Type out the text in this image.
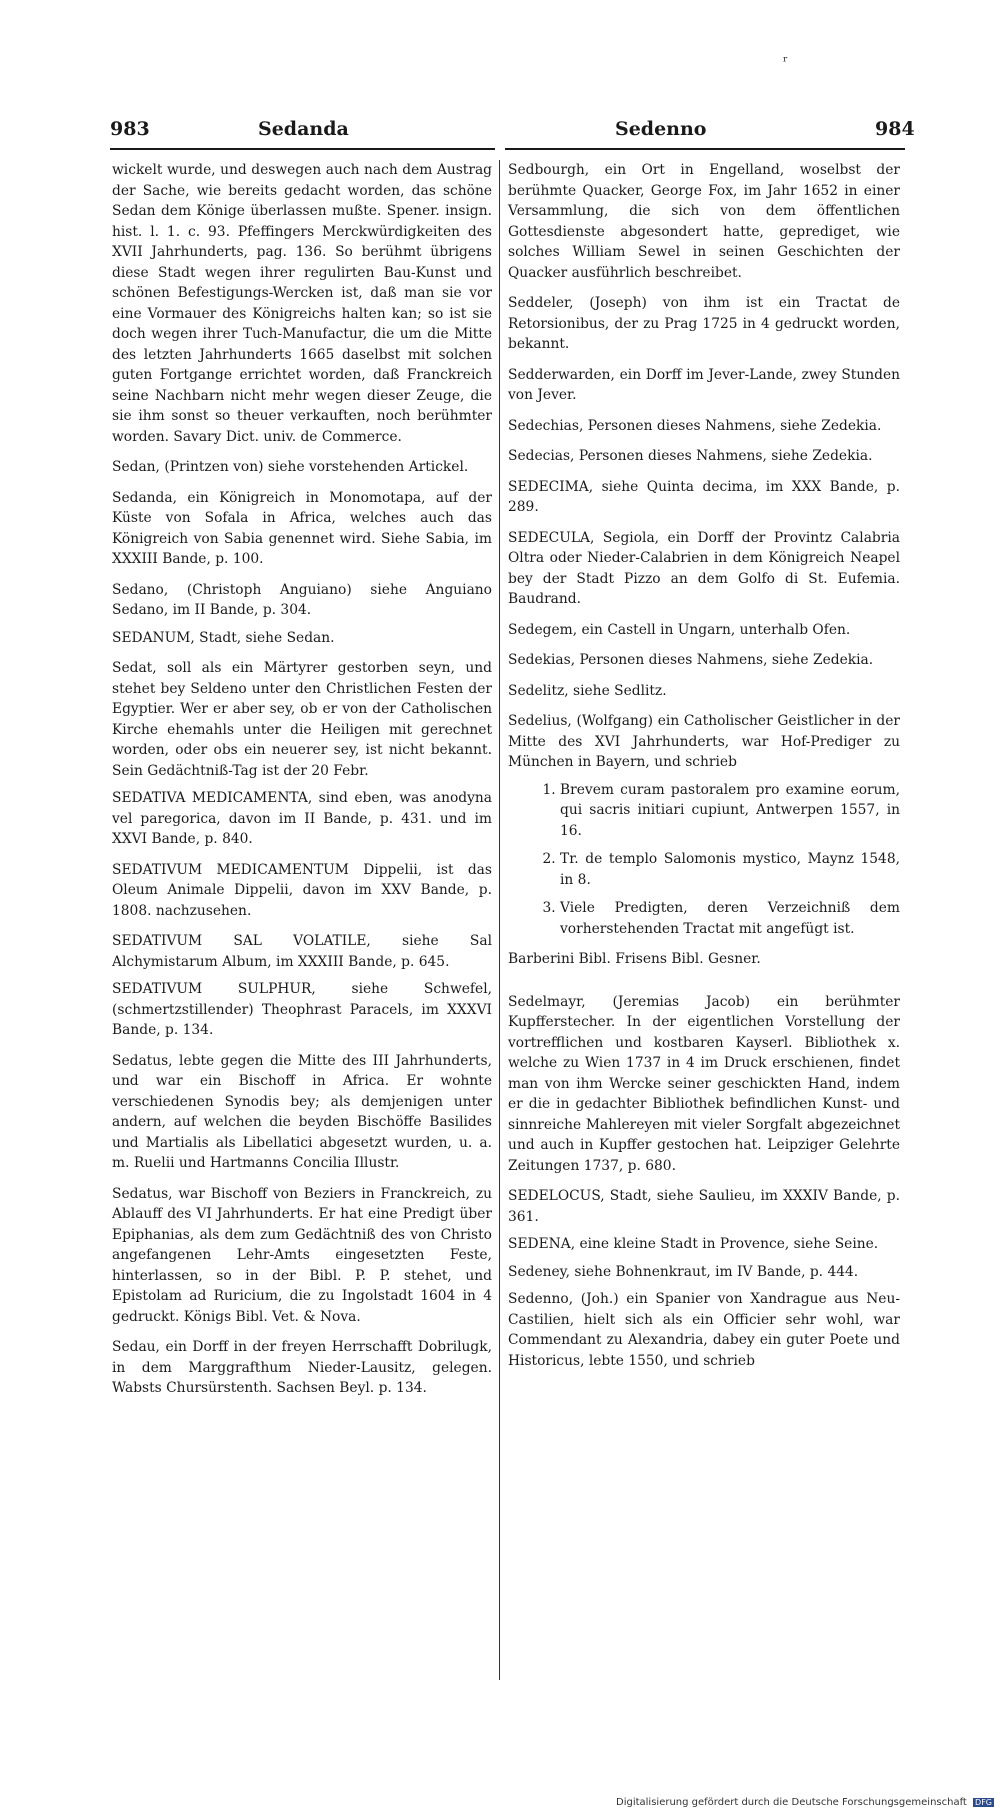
ʳ
983	Sedanda	Sedenno	984

wickelt wurde, und deswegen auch nach dem Austrag der Sache, wie bereits gedacht worden, das schöne Sedan dem Könige überlassen mußte. Spener. insign. hist. l. 1. c. 93. Pfeffingers Merckwürdigkeiten des XVII Jahrhunderts, pag. 136. So berühmt übrigens diese Stadt wegen ihrer regulirten Bau-Kunst und schönen Befestigungs-Wercken ist, daß man sie vor eine Vormauer des Königreichs halten kan; so ist sie doch wegen ihrer Tuch-Manufactur, die um die Mitte des letzten Jahrhunderts 1665 daselbst mit solchen guten Fortgange errichtet worden, daß Franckreich seine Nachbarn nicht mehr wegen dieser Zeuge, die sie ihm sonst so theuer verkauften, noch berühmter worden. Savary Dict. univ. de Commerce.

Sedan, (Printzen von) siehe vorstehenden Artickel.

Sedanda, ein Königreich in Monomotapa, auf der Küste von Sofala in Africa, welches auch das Königreich von Sabia genennet wird. Siehe Sabia, im XXXIII Bande, p. 100.

Sedano, (Christoph Anguiano) siehe Anguiano Sedano, im II Bande, p. 304.

SEDANUM, Stadt, siehe Sedan.

Sedat, soll als ein Märtyrer gestorben seyn, und stehet bey Seldeno unter den Christlichen Festen der Egyptier. Wer er aber sey, ob er von der Catholischen Kirche ehemahls unter die Heiligen mit gerechnet worden, oder obs ein neuerer sey, ist nicht bekannt. Sein Gedächtniß-Tag ist der 20 Febr.

SEDATIVA MEDICAMENTA, sind eben, was anodyna vel paregorica, davon im II Bande, p. 431. und im XXVI Bande, p. 840.

SEDATIVUM MEDICAMENTUM Dippelii, ist das Oleum Animale Dippelii, davon im XXV Bande, p. 1808. nachzusehen.

SEDATIVUM SAL VOLATILE, siehe Sal Alchymistarum Album, im XXXIII Bande, p. 645.

SEDATIVUM SULPHUR, siehe Schwefel, (schmertzstillender) Theophrast Paracels, im XXXVI Bande, p. 134.

Sedatus, lebte gegen die Mitte des III Jahrhunderts, und war ein Bischoff in Africa. Er wohnte verschiedenen Synodis bey; als demjenigen unter andern, auf welchen die beyden Bischöffe Basilides und Martialis als Libellatici abgesetzt wurden, u. a. m. Ruelii und Hartmanns Concilia Illustr.

Sedatus, war Bischoff von Beziers in Franckreich, zu Ablauff des VI Jahrhunderts. Er hat eine Predigt über Epiphanias, als dem zum Gedächtniß des von Christo angefangenen Lehr-Amts eingesetzten Feste, hinterlassen, so in der Bibl. P. P. stehet, und Epistolam ad Ruricium, die zu Ingolstadt 1604 in 4 gedruckt. Königs Bibl. Vet. & Nova.

Sedau, ein Dorff in der freyen Herrschafft Dobrilugk, in dem Marggrafthum Nieder-Lausitz, gelegen. Wabsts Chursürstenth. Sachsen Beyl. p. 134.

Sedbourgh, ein Ort in Engelland, woselbst der berühmte Quacker, George Fox, im Jahr 1652 in einer Versammlung, die sich von dem öffentlichen Gottesdienste abgesondert hatte, geprediget, wie solches William Sewel in seinen Geschichten der Quacker ausführlich beschreibet.

Seddeler, (Joseph) von ihm ist ein Tractat de Retorsionibus, der zu Prag 1725 in 4 gedruckt worden, bekannt.

Sedderwarden, ein Dorff im Jever-Lande, zwey Stunden von Jever.

Sedechias, Personen dieses Nahmens, siehe Zedekia.

Sedecias, Personen dieses Nahmens, siehe Zedekia.

SEDECIMA, siehe Quinta decima, im XXX Bande, p. 289.

SEDECULA, Segiola, ein Dorff der Provintz Calabria Oltra oder Nieder-Calabrien in dem Königreich Neapel bey der Stadt Pizzo an dem Golfo di St. Eufemia. Baudrand.

Sedegem, ein Castell in Ungarn, unterhalb Ofen.

Sedekias, Personen dieses Nahmens, siehe Zedekia.

Sedelitz, siehe Sedlitz.

Sedelius, (Wolfgang) ein Catholischer Geistlicher in der Mitte des XVI Jahrhunderts, war Hof-Prediger zu München in Bayern, und schrieb

1. Brevem curam pastoralem pro examine eorum, qui sacris initiari cupiunt, Antwerpen 1557, in 16.
2. Tr. de templo Salomonis mystico, Maynz 1548, in 8.
3. Viele Predigten, deren Verzeichniß dem vorherstehenden Tractat mit angefügt ist.

Barberini Bibl. Frisens Bibl. Gesner.

Sedelmayr, (Jeremias Jacob) ein berühmter Kupfferstecher. In der eigentlichen Vorstellung der vortrefflichen und kostbaren Kayserl. Bibliothek x. welche zu Wien 1737 in 4 im Druck erschienen, findet man von ihm Wercke seiner geschickten Hand, indem er die in gedachter Bibliothek befindlichen Kunst- und sinnreiche Mahlereyen mit vieler Sorgfalt abgezeichnet und auch in Kupffer gestochen hat. Leipziger Gelehrte Zeitungen 1737, p. 680.

SEDELOCUS, Stadt, siehe Saulieu, im XXXIV Bande, p. 361.

SEDENA, eine kleine Stadt in Provence, siehe Seine.

Sedeney, siehe Bohnenkraut, im IV Bande, p. 444.

Sedenno, (Joh.) ein Spanier von Xandrague aus Neu-Castilien, hielt sich als ein Officier sehr wohl, war Commendant zu Alexandria, dabey ein guter Poete und Historicus, lebte 1550, und schrieb

Digitalisierung gefördert durch die Deutsche Forschungsgemeinschaft DFG
